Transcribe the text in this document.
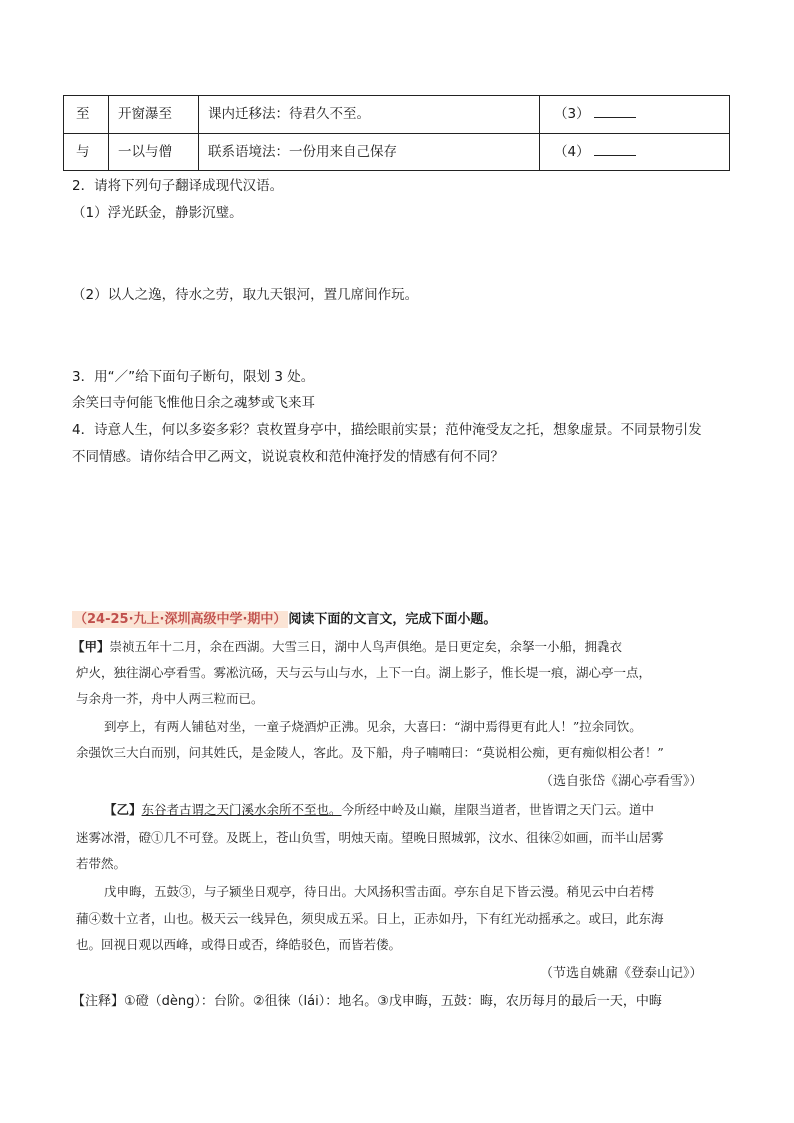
至 开窗瀑至	课内迁移法：待君久不至。	（3）
与 一以与僧	联系语境法：一份用来自己保存	（4）
2．请将下列句子翻译成现代汉语。
（1）浮光跃金，静影沉璧。
（2）以人之逸，待水之劳，取九天银河，置几席间作玩。
3．用“／”给下面句子断句，限划 3 处。
余笑曰寺何能飞惟他日余之魂梦或飞来耳
4．诗意人生，何以多姿多彩？袁枚置身亭中，描绘眼前实景；范仲淹受友之托，想象虚景。不同景物引发
不同情感。请你结合甲乙两文，说说袁枚和范仲淹抒发的情感有何不同？
（24-25·九上·深圳高级中学·期中） 阅读下面的文言文，完成下面小题。
【甲】崇祯五年十二月，余在西湖。大雪三日，湖中人鸟声俱绝。是日更定矣，余拏一小船，拥毳衣
炉火，独往湖心亭看雪。雾凇沆砀，天与云与山与水，上下一白。湖上影子，惟长堤一痕，湖心亭一点，
与余舟一芥，舟中人两三粒而已。
到亭上，有两人铺毡对坐，一童子烧酒炉正沸。见余，大喜曰：“湖中焉得更有此人！”拉余同饮。
余强饮三大白而别，问其姓氏，是金陵人，客此。及下船，舟子喃喃曰：“莫说相公痴，更有痴似相公者！”
（选自张岱《湖心亭看雪》）
【乙】东谷者古谓之天门溪水余所不至也。今所经中岭及山巅，崖限当道者，世皆谓之天门云。道中
迷雾冰滑，磴①几不可登。及既上，苍山负雪，明烛天南。望晚日照城郭，汶水、徂徕②如画，而半山居雾
若带然。
戊申晦，五鼓③，与子颍坐日观亭，待日出。大风扬积雪击面。亭东自足下皆云漫。稍见云中白若樗
蒱④数十立者，山也。极天云一线异色，须臾成五采。日上，正赤如丹，下有红光动摇承之。或曰，此东海
也。回视日观以西峰，或得日或否，绛皓驳色，而皆若偻。
（节选自姚鼐《登泰山记》）
【注释】①磴（dèng）：台阶。②徂徕（lái）：地名。③戊申晦，五鼓：晦，农历每月的最后一天，中晦
